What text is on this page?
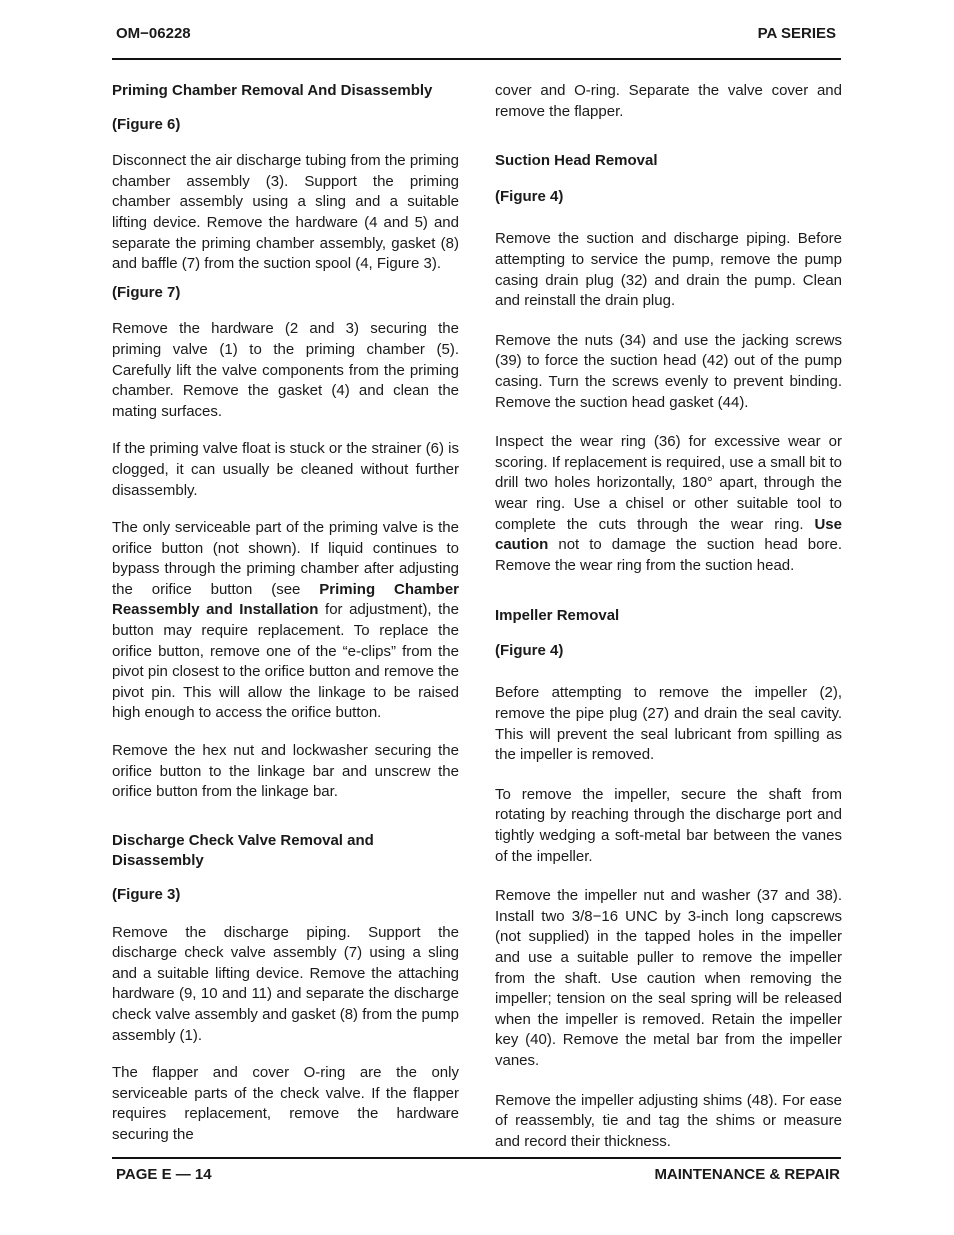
OM−06228	PA SERIES

Priming Chamber Removal And Disassembly

(Figure 6)

Disconnect the air discharge tubing from the priming chamber assembly (3). Support the priming chamber assembly using a sling and a suitable lifting device. Remove the hardware (4 and 5) and separate the priming chamber assembly, gasket (8) and baffle (7) from the suction spool (4, Figure 3).

(Figure 7)

Remove the hardware (2 and 3) securing the priming valve (1) to the priming chamber (5). Carefully lift the valve components from the priming chamber. Remove the gasket (4) and clean the mating surfaces.

If the priming valve float is stuck or the strainer (6) is clogged, it can usually be cleaned without further disassembly.

The only serviceable part of the priming valve is the orifice button (not shown). If liquid continues to bypass through the priming chamber after adjusting the orifice button (see Priming Chamber Reassembly and Installation for adjustment), the button may require replacement. To replace the orifice button, remove one of the “e-clips” from the pivot pin closest to the orifice button and remove the pivot pin. This will allow the linkage to be raised high enough to access the orifice button.

Remove the hex nut and lockwasher securing the orifice button to the linkage bar and unscrew the orifice button from the linkage bar.

Discharge Check Valve Removal and Disassembly

(Figure 3)

Remove the discharge piping. Support the discharge check valve assembly (7) using a sling and a suitable lifting device. Remove the attaching hardware (9, 10 and 11) and separate the discharge check valve assembly and gasket (8) from the pump assembly (1).

The flapper and cover O-ring are the only serviceable parts of the check valve. If the flapper requires replacement, remove the hardware securing the

cover and O-ring. Separate the valve cover and remove the flapper.

Suction Head Removal

(Figure 4)

Remove the suction and discharge piping. Before attempting to service the pump, remove the pump casing drain plug (32) and drain the pump. Clean and reinstall the drain plug.

Remove the nuts (34) and use the jacking screws (39) to force the suction head (42) out of the pump casing. Turn the screws evenly to prevent binding. Remove the suction head gasket (44).

Inspect the wear ring (36) for excessive wear or scoring. If replacement is required, use a small bit to drill two holes horizontally, 180° apart, through the wear ring. Use a chisel or other suitable tool to complete the cuts through the wear ring. Use caution not to damage the suction head bore. Remove the wear ring from the suction head.

Impeller Removal

(Figure 4)

Before attempting to remove the impeller (2), remove the pipe plug (27) and drain the seal cavity. This will prevent the seal lubricant from spilling as the impeller is removed.

To remove the impeller, secure the shaft from rotating by reaching through the discharge port and tightly wedging a soft-metal bar between the vanes of the impeller.

Remove the impeller nut and washer (37 and 38). Install two 3/8−16 UNC by 3-inch long capscrews (not supplied) in the tapped holes in the impeller and use a suitable puller to remove the impeller from the shaft. Use caution when removing the impeller; tension on the seal spring will be released when the impeller is removed. Retain the impeller key (40). Remove the metal bar from the impeller vanes.

Remove the impeller adjusting shims (48). For ease of reassembly, tie and tag the shims or measure and record their thickness.

PAGE E — 14	MAINTENANCE & REPAIR
